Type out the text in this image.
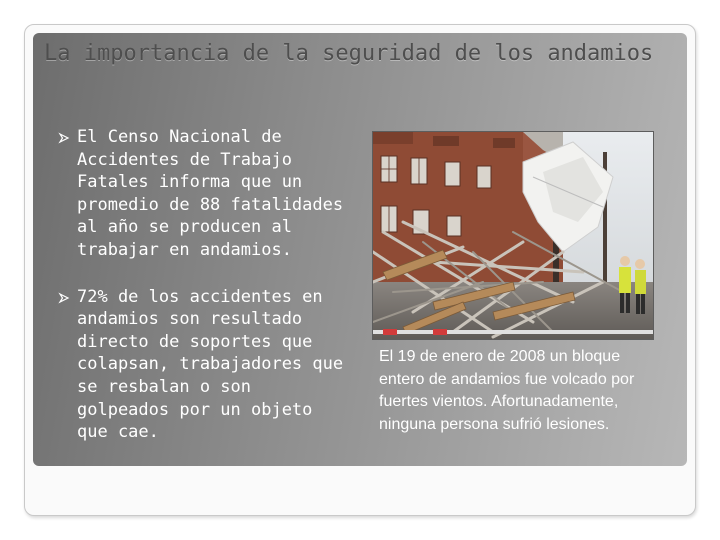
La importancia de la seguridad de los andamios
El Censo Nacional de Accidentes de Trabajo Fatales informa que un promedio de 88 fatalidades al año se producen al trabajar en andamios.
72% de los accidentes en andamios son resultado directo de soportes que colapsan, trabajadores que se resbalan o son golpeados por un objeto que cae.

El 19 de enero de 2008 un bloque entero de andamios fue volcado por fuertes vientos. Afortunadamente, ninguna persona sufrió lesiones.
